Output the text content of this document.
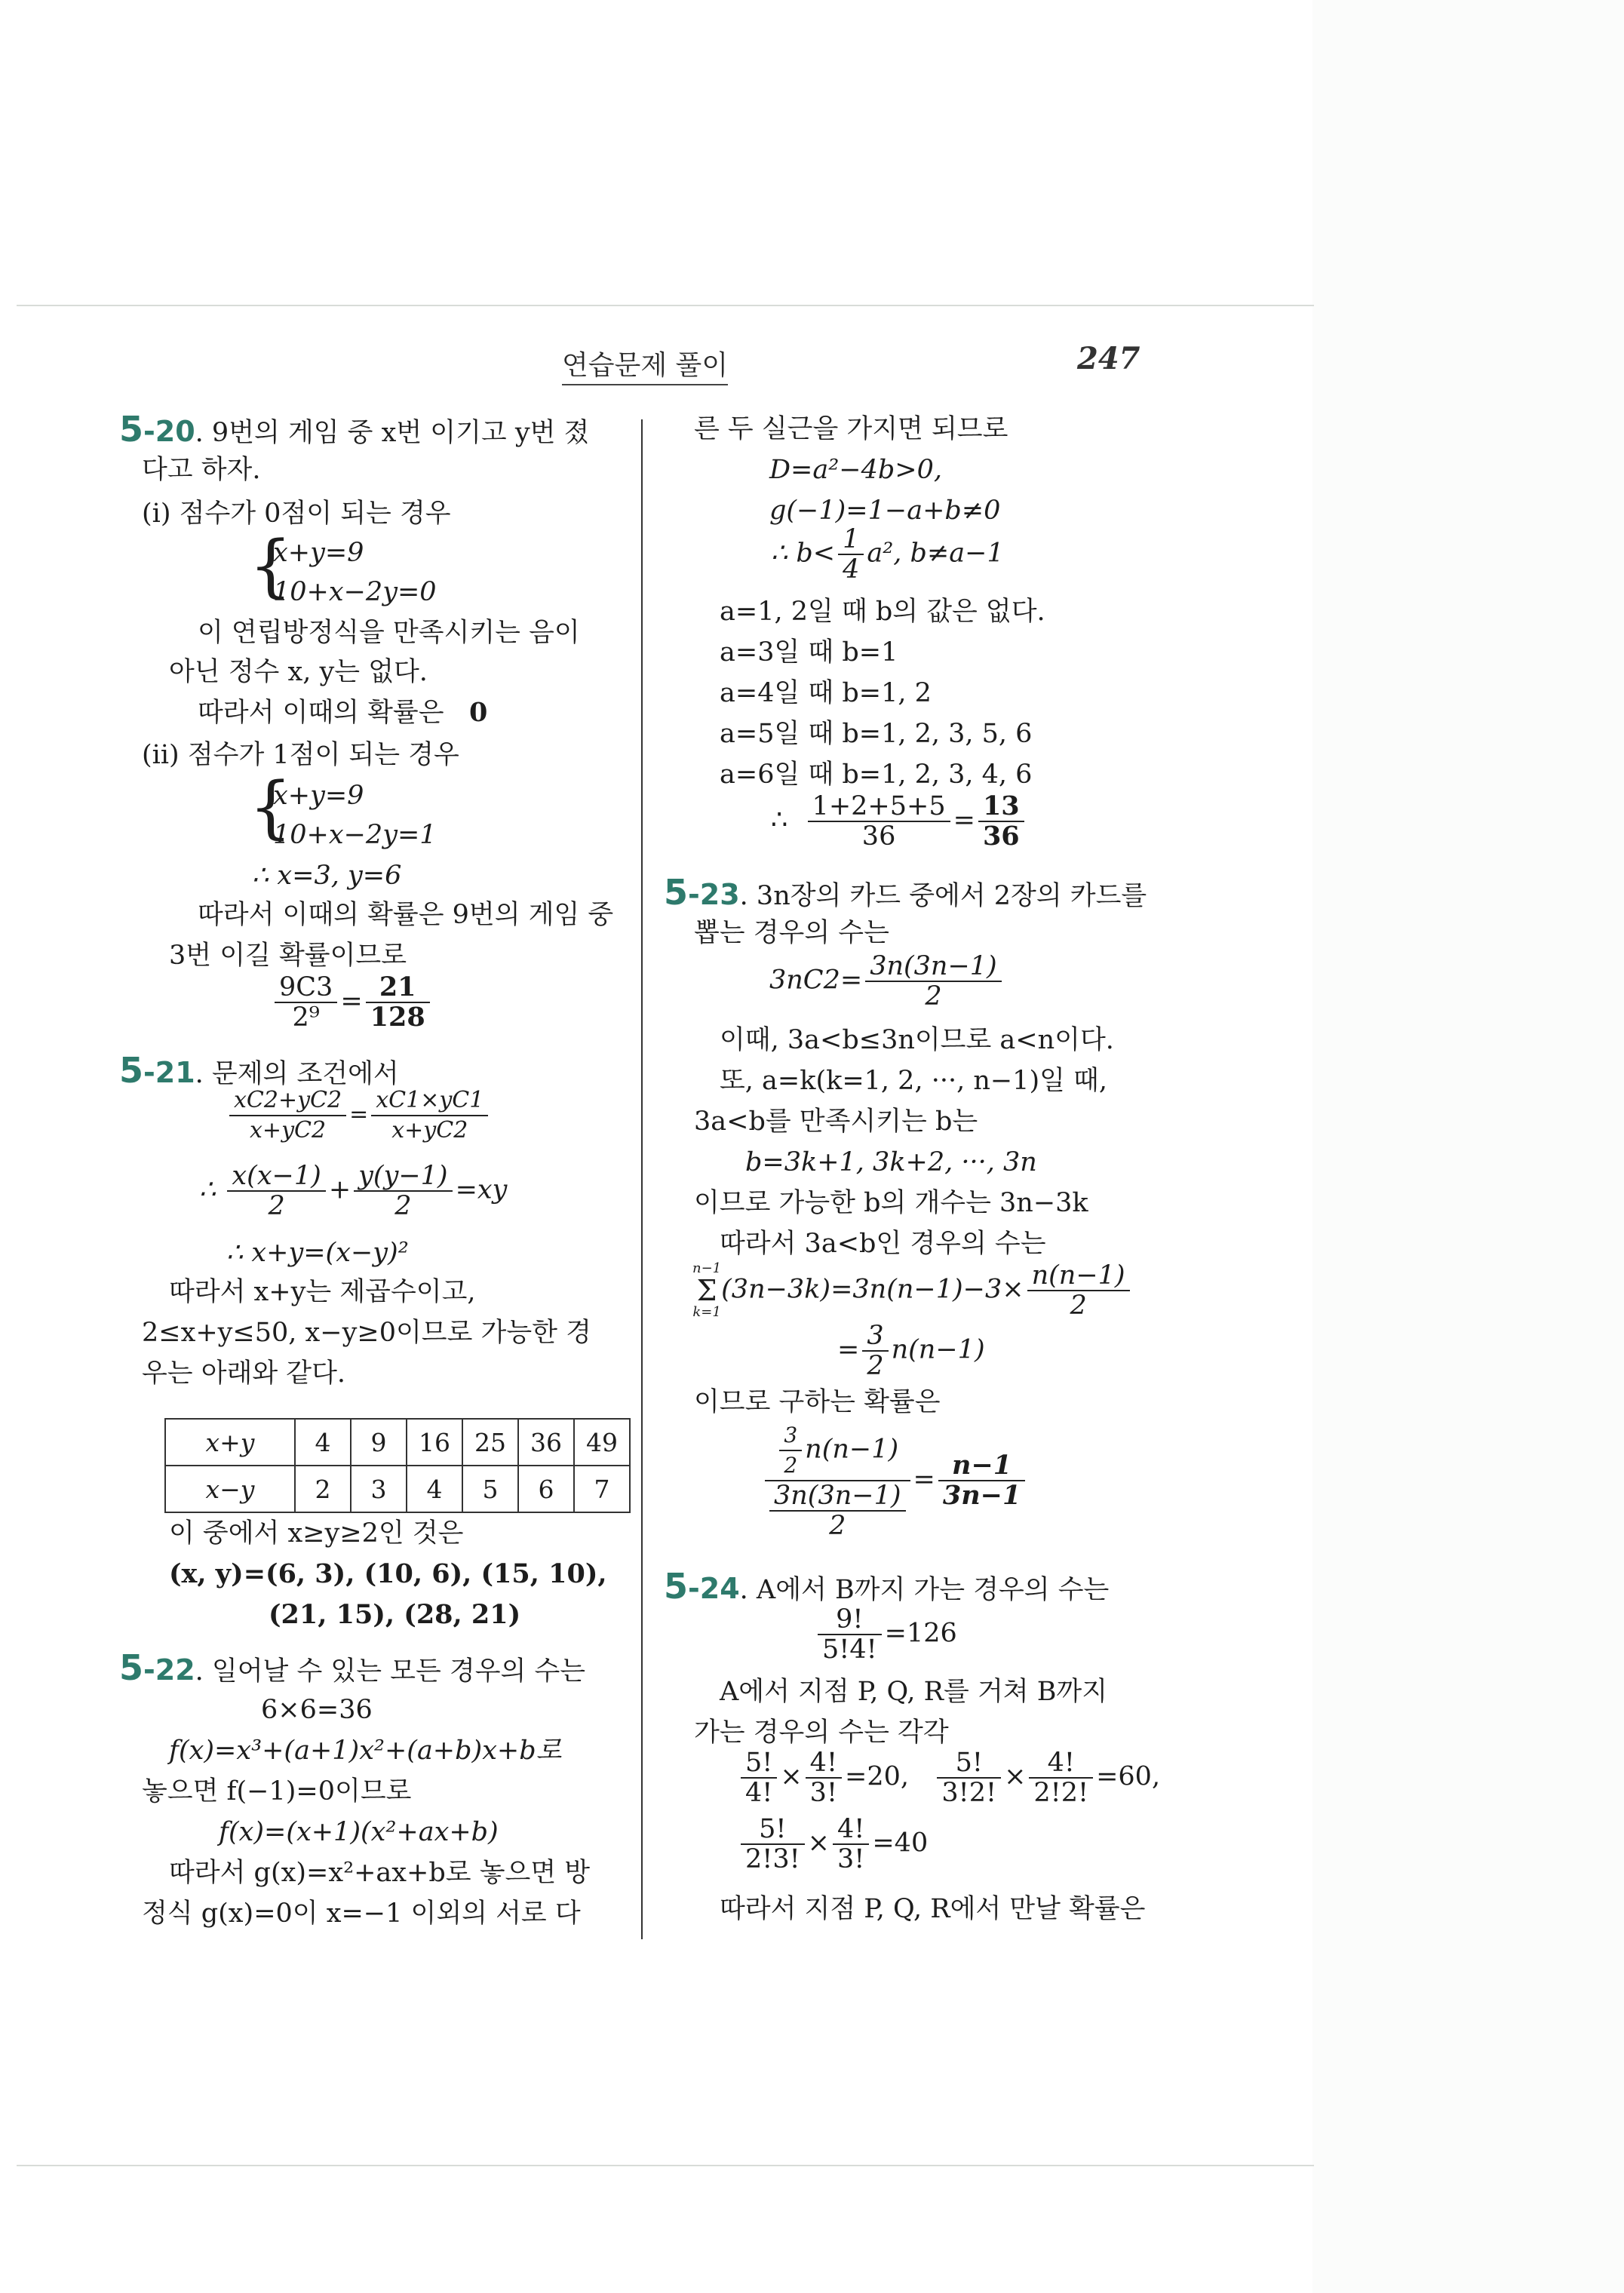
연습문제 풀이	247
5-20. 9번의 게임 중 x번 이기고 y번 졌
다고 하자.
(ⅰ) 점수가 0점이 되는 경우
{
x+y=9
10+x−2y=0
이 연립방정식을 만족시키는 음이
아닌 정수 x, y는 없다.
따라서 이때의 확률은 0
(ⅱ) 점수가 1점이 되는 경우
{
x+y=9
10+x−2y=1
∴ x=3, y=6
따라서 이때의 확률은 9번의 게임 중
3번 이길 확률이므로
$\frac{9C3}{\text{2⁹}} = \frac{21}{128}$
5-21. 문제의 조건에서
$\frac{xC2+yC2}{x+yC2} = \frac{xC1\times yC1}{x+yC2}$
∴ $\frac{x(x-1)}{2} + \frac{y(y-1)}{2} =xy$
∴ x+y=(x−y)²
따라서 x+y는 제곱수이고,
2≤x+y≤50, x−y≥0이므로 가능한 경
우는 아래와 같다.
x+y	4	9	16	25	36	49
x−y	2	3	4	5	6	7
이 중에서 x≥y≥2인 것은
(x, y)=(6, 3), (10, 6), (15, 10),
(21, 15), (28, 21)
5-22. 일어날 수 있는 모든 경우의 수는
6×6=36
f(x)=x³+(a+1)x²+(a+b)x+b로
놓으면 f(−1)=0이므로
f(x)=(x+1)(x²+ax+b)
따라서 g(x)=x²+ax+b로 놓으면 방
정식 g(x)=0이 x=−1 이외의 서로 다
른 두 실근을 가지면 되므로
D=a²−4b>0,
g(−1)=1−a+b≠0
∴ $b< \frac{1}{4} a^2$, b≠a−1
a=1, 2일 때 b의 값은 없다.
a=3일 때 b=1
a=4일 때 b=1, 2
a=5일 때 b=1, 2, 3, 5, 6
a=6일 때 b=1, 2, 3, 4, 6
∴ $\frac{1+2+5+5}{36} = \frac{13}{36}$
5-23. 3n장의 카드 중에서 2장의 카드를
뽑는 경우의 수는
$3nC2= \frac{3n(3n-1)}{2}$
이때, 3a<b≤3n이므로 a<n이다.
또, a=k(k=1, 2, ···, n−1)일 때,
3a<b를 만족시키는 b는
b=3k+1, 3k+2, ···, 3n
이므로 가능한 b의 개수는 3n−3k
따라서 3a<b인 경우의 수는
n−1
Σ
k=1
$(3n-3k)=3n(n-1)-3\times \frac{n(n-1)}{2}$
= $\frac{3}{2} n(n-1)$
이므로 구하는 확률은
$\frac{\frac{3}{2} n(n-1)}{\frac{3n(3n-1)}{2}} = \frac{n-1}{3n-1}$
5-24. A에서 B까지 가는 경우의 수는
$\frac{9!}{5!4!} =126$
A에서 지점 P, Q, R를 거쳐 B까지
가는 경우의 수는 각각
$\frac{5!}{4!} \times \frac{4!}{3!} =20$, $\frac{5!}{3!2!} \times \frac{4!}{2!2!} =60$,
$\frac{5!}{2!3!} \times \frac{4!}{3!} =40$
따라서 지점 P, Q, R에서 만날 확률은
